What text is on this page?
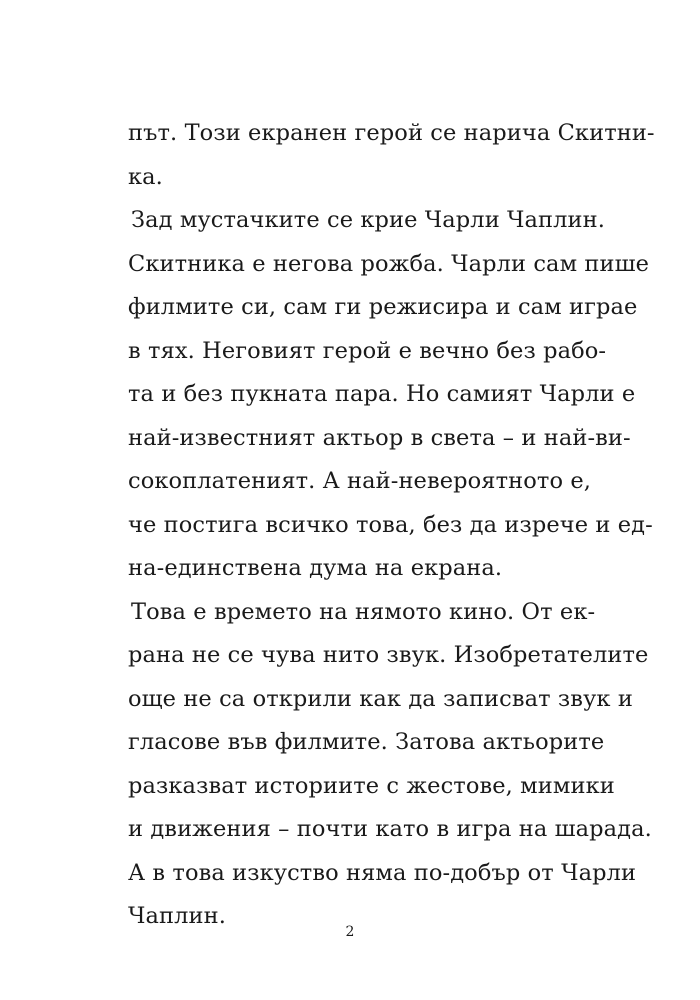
път. Този екранен герой се нарича Скитни-
ка.
Зад мустачките се крие Чарли Чаплин.
Скитника е негова рожба. Чарли сам пише
филмите си, сам ги режисира и сам играе
в тях. Неговият герой е вечно без рабо-
та и без пукната пара. Но самият Чарли е
най-известният актьор в света – и най-ви-
сокоплатеният. А най-невероятното е,
че постига всичко това, без да изрече и ед-
на-единствена дума на екрана.
Това е времето на нямото кино. От ек-
рана не се чува нито звук. Изобретателите
още не са открили как да записват звук и
гласове във филмите. Затова актьорите
разказват историите с жестове, мимики
и движения – почти като в игра на шарада.
А в това изкуство няма по-добър от Чарли
Чаплин.
2
